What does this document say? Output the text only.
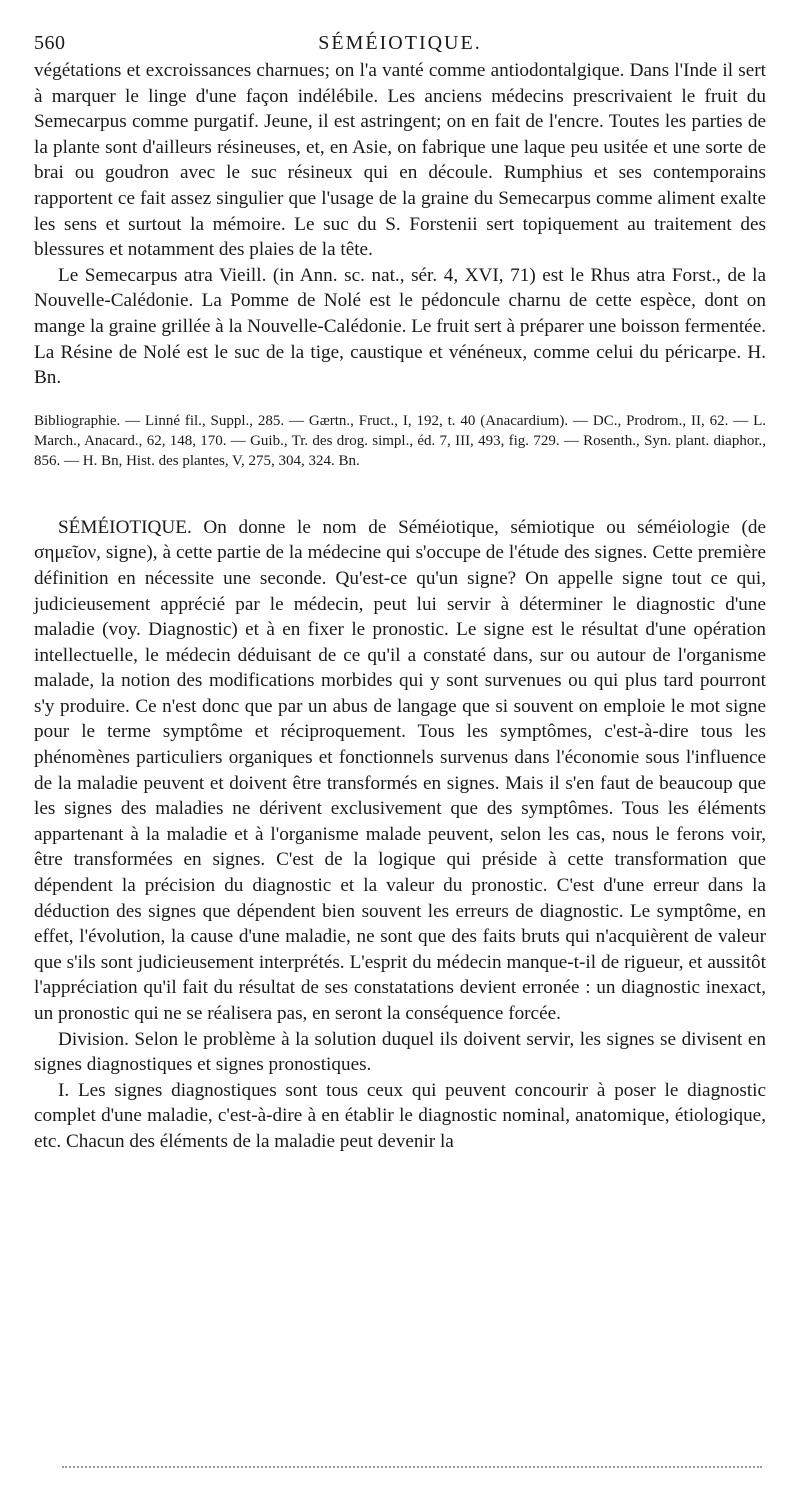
560	SÉMÉIOTIQUE.

végétations et excroissances charnues; on l'a vanté comme antiodontalgique. Dans l'Inde il sert à marquer le linge d'une façon indélébile. Les anciens médecins prescrivaient le fruit du Semecarpus comme purgatif. Jeune, il est astringent; on en fait de l'encre. Toutes les parties de la plante sont d'ailleurs résineuses, et, en Asie, on fabrique une laque peu usitée et une sorte de brai ou goudron avec le suc résineux qui en découle. Rumphius et ses contemporains rapportent ce fait assez singulier que l'usage de la graine du Semecarpus comme aliment exalte les sens et surtout la mémoire. Le suc du S. Forstenii sert topiquement au traitement des blessures et notamment des plaies de la tête.

Le Semecarpus atra Vieill. (in Ann. sc. nat., sér. 4, XVI, 71) est le Rhus atra Forst., de la Nouvelle-Calédonie. La Pomme de Nolé est le pédoncule charnu de cette espèce, dont on mange la graine grillée à la Nouvelle-Calédonie. Le fruit sert à préparer une boisson fermentée. La Résine de Nolé est le suc de la tige, caustique et vénéneux, comme celui du péricarpe. H. Bn.

Bibliographie. — Linné fil., Suppl., 285. — Gærtn., Fruct., I, 192, t. 40 (Anacardium). — DC., Prodrom., II, 62. — L. March., Anacard., 62, 148, 170. — Guib., Tr. des drog. simpl., éd. 7, III, 493, fig. 729. — Rosenth., Syn. plant. diaphor., 856. — H. Bn, Hist. des plantes, V, 275, 304, 324. Bn.

SÉMÉIOTIQUE. On donne le nom de Séméiotique, sémiotique ou séméiologie (de σημεῖον, signe), à cette partie de la médecine qui s'occupe de l'étude des signes. Cette première définition en nécessite une seconde. Qu'est-ce qu'un signe? On appelle signe tout ce qui, judicieusement apprécié par le médecin, peut lui servir à déterminer le diagnostic d'une maladie (voy. Diagnostic) et à en fixer le pronostic. Le signe est le résultat d'une opération intellectuelle, le médecin déduisant de ce qu'il a constaté dans, sur ou autour de l'organisme malade, la notion des modifications morbides qui y sont survenues ou qui plus tard pourront s'y produire. Ce n'est donc que par un abus de langage que si souvent on emploie le mot signe pour le terme symptôme et réciproquement. Tous les symptômes, c'est-à-dire tous les phénomènes particuliers organiques et fonctionnels survenus dans l'économie sous l'influence de la maladie peuvent et doivent être transformés en signes. Mais il s'en faut de beaucoup que les signes des maladies ne dérivent exclusivement que des symptômes. Tous les éléments appartenant à la maladie et à l'organisme malade peuvent, selon les cas, nous le ferons voir, être transformées en signes. C'est de la logique qui préside à cette transformation que dépendent la précision du diagnostic et la valeur du pronostic. C'est d'une erreur dans la déduction des signes que dépendent bien souvent les erreurs de diagnostic. Le symptôme, en effet, l'évolution, la cause d'une maladie, ne sont que des faits bruts qui n'acquièrent de valeur que s'ils sont judicieusement interprétés. L'esprit du médecin manque-t-il de rigueur, et aussitôt l'appréciation qu'il fait du résultat de ses constatations devient erronée : un diagnostic inexact, un pronostic qui ne se réalisera pas, en seront la conséquence forcée.

Division. Selon le problème à la solution duquel ils doivent servir, les signes se divisent en signes diagnostiques et signes pronostiques.

I. Les signes diagnostiques sont tous ceux qui peuvent concourir à poser le diagnostic complet d'une maladie, c'est-à-dire à en établir le diagnostic nominal, anatomique, étiologique, etc. Chacun des éléments de la maladie peut devenir la
